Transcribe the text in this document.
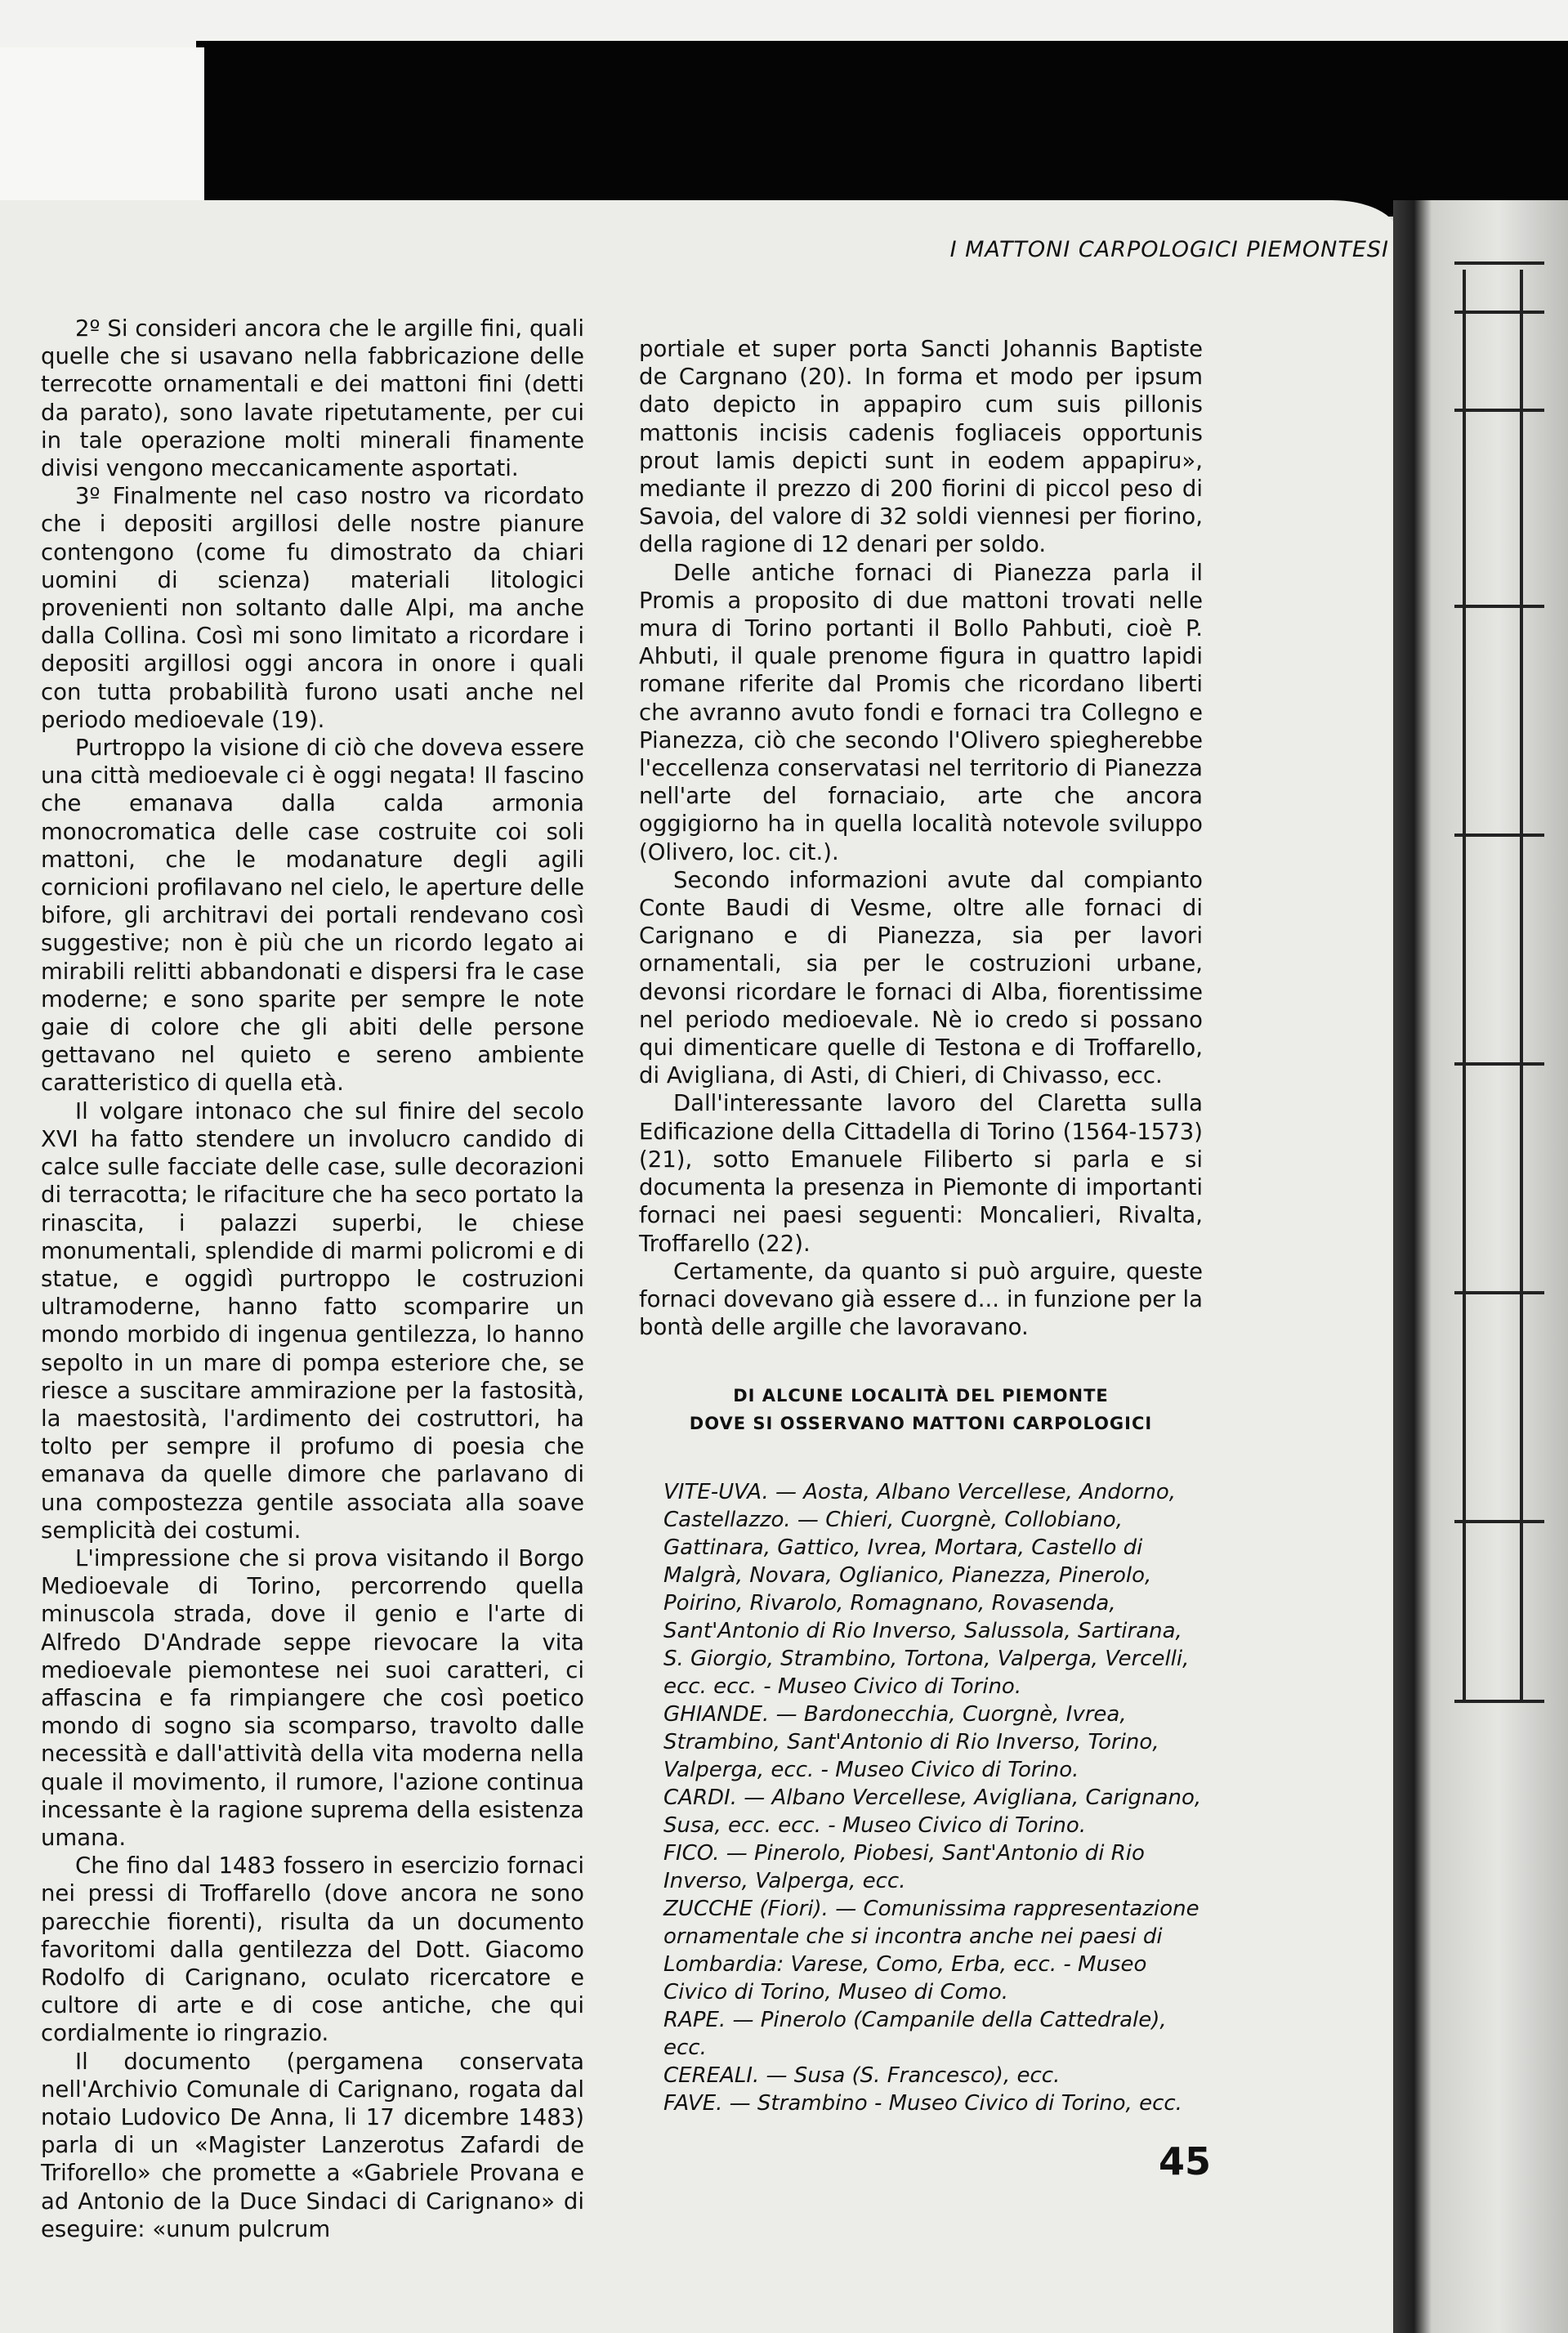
I MATTONI CARPOLOGICI PIEMONTESI

2º Si consideri ancora che le argille fini, quali quelle che si usavano nella fabbricazione delle terrecotte ornamentali e dei mattoni fini (detti da parato), sono lavate ripetutamente, per cui in tale operazione molti minerali finamente divisi vengono meccanicamente asportati.

3º Finalmente nel caso nostro va ricordato che i depositi argillosi delle nostre pianure contengono (come fu dimostrato da chiari uomini di scienza) materiali litologici provenienti non soltanto dalle Alpi, ma anche dalla Collina. Così mi sono limitato a ricordare i depositi argillosi oggi ancora in onore i quali con tutta probabilità furono usati anche nel periodo medioevale (19).

Purtroppo la visione di ciò che doveva essere una città medioevale ci è oggi negata! Il fascino che emanava dalla calda armonia monocromatica delle case costruite coi soli mattoni, che le modanature degli agili cornicioni profilavano nel cielo, le aperture delle bifore, gli architravi dei portali rendevano così suggestive; non è più che un ricordo legato ai mirabili relitti abbandonati e dispersi fra le case moderne; e sono sparite per sempre le note gaie di colore che gli abiti delle persone gettavano nel quieto e sereno ambiente caratteristico di quella età.

Il volgare intonaco che sul finire del secolo XVI ha fatto stendere un involucro candido di calce sulle facciate delle case, sulle decorazioni di terracotta; le rifaciture che ha seco portato la rinascita, i palazzi superbi, le chiese monumentali, splendide di marmi policromi e di statue, e oggidì purtroppo le costruzioni ultramoderne, hanno fatto scomparire un mondo morbido di ingenua gentilezza, lo hanno sepolto in un mare di pompa esteriore che, se riesce a suscitare ammirazione per la fastosità, la maestosità, l'ardimento dei costruttori, ha tolto per sempre il profumo di poesia che emanava da quelle dimore che parlavano di una compostezza gentile associata alla soave semplicità dei costumi.

L'impressione che si prova visitando il Borgo Medioevale di Torino, percorrendo quella minuscola strada, dove il genio e l'arte di Alfredo D'Andrade seppe rievocare la vita medioevale piemontese nei suoi caratteri, ci affascina e fa rimpiangere che così poetico mondo di sogno sia scomparso, travolto dalle necessità e dall'attività della vita moderna nella quale il movimento, il rumore, l'azione continua incessante è la ragione suprema della esistenza umana.

Che fino dal 1483 fossero in esercizio fornaci nei pressi di Troffarello (dove ancora ne sono parecchie fiorenti), risulta da un documento favoritomi dalla gentilezza del Dott. Giacomo Rodolfo di Carignano, oculato ricercatore e cultore di arte e di cose antiche, che qui cordialmente io ringrazio.

Il documento (pergamena conservata nell'Archivio Comunale di Carignano, rogata dal notaio Ludovico De Anna, li 17 dicembre 1483) parla di un «Magister Lanzerotus Zafardi de Triforello» che promette a «Gabriele Provana e ad Antonio de la Duce Sindaci di Carignano» di eseguire: «unum pulcrum

portiale et super porta Sancti Johannis Baptiste de Cargnano (20). In forma et modo per ipsum dato depicto in appapiro cum suis pillonis mattonis incisis cadenis fogliaceis opportunis prout lamis depicti sunt in eodem appapiru», mediante il prezzo di 200 fiorini di piccol peso di Savoia, del valore di 32 soldi viennesi per fiorino, della ragione di 12 denari per soldo.

Delle antiche fornaci di Pianezza parla il Promis a proposito di due mattoni trovati nelle mura di Torino portanti il Bollo Pahbuti, cioè P. Ahbuti, il quale prenome figura in quattro lapidi romane riferite dal Promis che ricordano liberti che avranno avuto fondi e fornaci tra Collegno e Pianezza, ciò che secondo l'Olivero spiegherebbe l'eccellenza conservatasi nel territorio di Pianezza nell'arte del fornaciaio, arte che ancora oggigiorno ha in quella località notevole sviluppo (Olivero, loc. cit.).

Secondo informazioni avute dal compianto Conte Baudi di Vesme, oltre alle fornaci di Carignano e di Pianezza, sia per lavori ornamentali, sia per le costruzioni urbane, devonsi ricordare le fornaci di Alba, fiorentissime nel periodo medioevale. Nè io credo si possano qui dimenticare quelle di Testona e di Troffarello, di Avigliana, di Asti, di Chieri, di Chivasso, ecc.

Dall'interessante lavoro del Claretta sulla Edificazione della Cittadella di Torino (1564-1573) (21), sotto Emanuele Filiberto si parla e si documenta la presenza in Piemonte di importanti fornaci nei paesi seguenti: Moncalieri, Rivalta, Troffarello (22).

Certamente, da quanto si può arguire, queste fornaci dovevano già essere d... in funzione per la bontà delle argille che lavoravano.

DI ALCUNE LOCALITÀ DEL PIEMONTE
DOVE SI OSSERVANO MATTONI CARPOLOGICI

VITE-UVA. — Aosta, Albano Vercellese, Andorno, Castellazzo. — Chieri, Cuorgnè, Collobiano, Gattinara, Gattico, Ivrea, Mortara, Castello di Malgrà, Novara, Oglianico, Pianezza, Pinerolo, Poirino, Rivarolo, Romagnano, Rovasenda, Sant'Antonio di Rio Inverso, Salussola, Sartirana, S. Giorgio, Strambino, Tortona, Valperga, Vercelli, ecc. ecc. - Museo Civico di Torino.

GHIANDE. — Bardonecchia, Cuorgnè, Ivrea, Strambino, Sant'Antonio di Rio Inverso, Torino, Valperga, ecc. - Museo Civico di Torino.

CARDI. — Albano Vercellese, Avigliana, Carignano, Susa, ecc. ecc. - Museo Civico di Torino.

FICO. — Pinerolo, Piobesi, Sant'Antonio di Rio Inverso, Valperga, ecc.

ZUCCHE (Fiori). — Comunissima rappresentazione ornamentale che si incontra anche nei paesi di Lombardia: Varese, Como, Erba, ecc. - Museo Civico di Torino, Museo di Como.

RAPE. — Pinerolo (Campanile della Cattedrale), ecc.

CEREALI. — Susa (S. Francesco), ecc.

FAVE. — Strambino - Museo Civico di Torino, ecc.

45
